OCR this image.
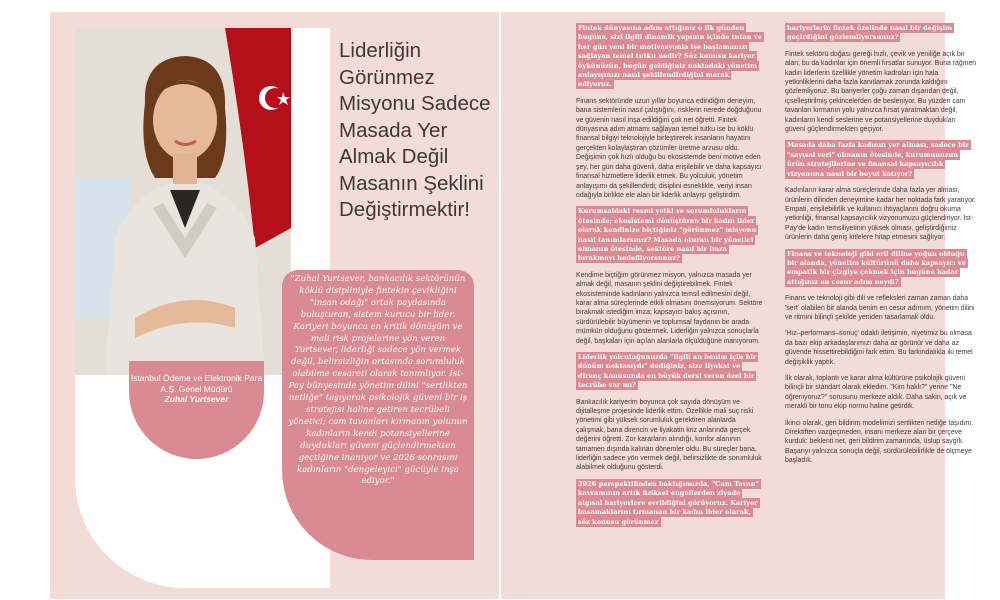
İstanbul Ödeme ve Elektronik Para A.Ş. Genel Müdürü
Zuhal Yurtsever

"Zuhal Yurtsever, bankacılık sektörünün köklü disipliniyle fintekin çevikliğini "insan odağı" ortak paydasında buluşturan, sistem kurucu bir lider. Kariyeri boyunca en kritik dönüşüm ve mali risk projelerine yön veren Yurtsever, liderliği sadece yön vermek değil, belirsizliğin ortasında sorumluluk alabilme cesareti olarak tanımlıyor. İst-Pay bünyesinde yönetim dilini "sertlikten netliğe" taşıyarak psikolojik güveni bir iş stratejisi haline getiren tecrübeli yönetici; cam tavanları kırmanın yolunun kadınların kendi potansiyellerine duydukları güveni güçlendirmekten geçtiğine inanıyor ve 2026 sonrasını kadınların "dengeleyici" gücüyle inşa ediyor."

Liderliğin Görünmez Misyonu Sadece Masada Yer Almak Değil Masanın Şeklini Değiştirmektir!

Fintek dünyasına adım attığınız o ilk günden bugüne, sizi ilgili dinamik yapının içinde tutan ve her gün yeni bir motivasyonla işe başlamanızı sağlayan temel tutku nedir? Söz konusu kariyer öykünüzün, bugün geldiğiniz noktadaki yönetim anlayışınızı nasıl şekillendirdiğini merak ediyoruz.

Finans sektöründe uzun yıllar boyunca edindiğim deneyim, bana sistemlerin nasıl çalıştığını, risklerin nerede doğduğunu ve güvenin nasıl inşa edildiğini çok net öğretti. Fintek dünyasına adım atmamı sağlayan temel tutku ise bu köklü finansal bilgiyi teknolojiyle birleştirerek insanların hayatını gerçekten kolaylaştıran çözümler üretme arzusu oldu. Değişimin çok hızlı olduğu bu ekosistemde beni motive eden şey, her gün daha güvenli, daha erişilebilir ve daha kapsayıcı finansal hizmetlere liderlik etmek. Bu yolculuk, yönetim anlayışımı da şekillendirdi; disiplini esneklikle, veriyi insan odağıyla birlikte ele alan bir liderlik anlayışı geliştirdim.

Kurumsaldaki resmi yetki ve sorumlulukların ötesinde; ekosistemi dönüştüren bir kadın lider olarak kendinize biçtiğiniz "görünmez" misyonu nasıl tanımlarsınız? Masada oturan bir yönetici olmanın ötesinde, sektöre nasıl bir imza bırakmayı hedefliyorsunuz?

Kendime biçtiğim görünmez misyon, yalnızca masada yer almak değil, masanın şeklini değiştirebilmek. Fintek ekosisteminde kadınların yalnızca temsil edilmesini değil, karar alma süreçlerinde etkili olmasını önemsiyorum. Sektöre bırakmak istediğim imza; kapsayıcı bakış açısının, sürdürülebilir büyümenin ve toplumsal faydanın bir arada mümkün olduğunu göstermek. Liderliğin yalnızca sonuçlarla değil, başkaları için açılan alanlarla ölçüldüğüne inanıyorum.

Liderlik yolculuğunuzda "ilgili an benim için bir dönüm noktasıydı" dediğiniz, size liyakat ve direnç konusunda en büyük dersi veren özel bir tecrübe var mı?

Bankacılık kariyerim boyunca çok sayıda dönüşüm ve dijitalleşme projesinde liderlik ettim. Özellikle mali suç riski yönetimi gibi yüksek sorumluluk gerektiren alanlarda çalışmak, bana direncin ve liyakatin kriz anlarında gerçek değerini öğretti. Zor kararların alındığı, konfor alanının tamamen dışında kalınan dönemler oldu. Bu süreçler bana, liderliğin sadece yön vermek değil, belirsizlikte de sorumluluk alabilmek olduğunu gösterdi.

2026 perspektifinden baktığımızda, "Cam Tavan" kavramının artık fiziksel engellerden ziyade algısal bariyerlere evrildiğini görüyoruz. Kariyer basamaklarını tırmanan bir kadın lider olarak, söz konusu görünmez

bariyerlerin fintek özelinde nasıl bir değişim geçirdiğini gözlemliyorsunuz?

Fintek sektörü doğası gereği hızlı, çevik ve yeniliğe açık bir alan; bu da kadınlar için önemli fırsatlar sunuyor. Buna rağmen kadın liderlerin özellikle yönetim kadroları için hala yetkinliklerini daha fazla kanıtlamak zorunda kaldığını gözlemliyoruz. Bu bariyerler çoğu zaman dışarıdan değil, içselleştirilmiş çekincelerden de besleniyor. Bu yüzden cam tavanları kırmanın yolu yalnızca fırsat yaratmaktan değil, kadınların kendi seslerine ve potansiyellerine duydukları güveni güçlendirmekten geçiyor.

Masada daha fazla kadının yer alması, sadece bir "sayısal veri" olmanın ötesinde, kurumunuzun ürün stratejilerine ve finansal kapsayıcılık vizyonuna nasıl bir boyut katıyor?

Kadınların karar alma süreçlerinde daha fazla yer alması, ürünlerin dilinden deneyimine kadar her noktada fark yaratıyor. Empati, erişilebilirlik ve kullanıcı ihtiyaçlarını doğru okuma yetkinliği, finansal kapsayıcılık vizyonumuzu güçlendiriyor. İst-Pay'de kadın temsiliyetinin yüksek olması, geliştirdiğimiz ürünlerin daha geniş kitlelere hitap etmesini sağlıyor.

Finans ve teknoloji gibi eril diline yoğun olduğu bir alanda, yönetim kültürünü daha kapsayıcı ve empatik bir çizgiye çekmek için bugüne kadar attığınız en cesur adım neydi?

Finans ve teknoloji gibi dili ve refleksleri zaman zaman daha 'sert' olabilen bir alanda benim en cesur adımım, yönetim dilini ve ritmini bilinçli şekilde yeniden tasarlamak oldu.

'Hız–performans–sonuç' odaklı iletişimin, niyetimiz bu olmasa da bazı ekip arkadaşlarımızı daha az görünür ve daha az güvende hissettirebildiğini fark ettim. Bu farkındalıkla iki temel değişiklik yaptık.

İlk olarak, toplantı ve karar alma kültürüne psikolojik güveni bilinçli bir standart olarak ekledim. "Kim haklı?" yerine "Ne öğreniyoruz?" sorusunu merkeze aldık. Daha sakin, açık ve merakli bir tonu ekip normu haline getirdik.

İkinci olarak, geri bildirim modelimizi sertlikten netliğe taşıdım. Direktiften vazgeçmeden, insanı merkeze alan bir çerçeve kurduk: beklenti net, geri bildirim zamanında, üslup saygılı. Başarıyı yalnızca sonuçla değil, sürdürülebilirlikle de ölçmeye başladık.
